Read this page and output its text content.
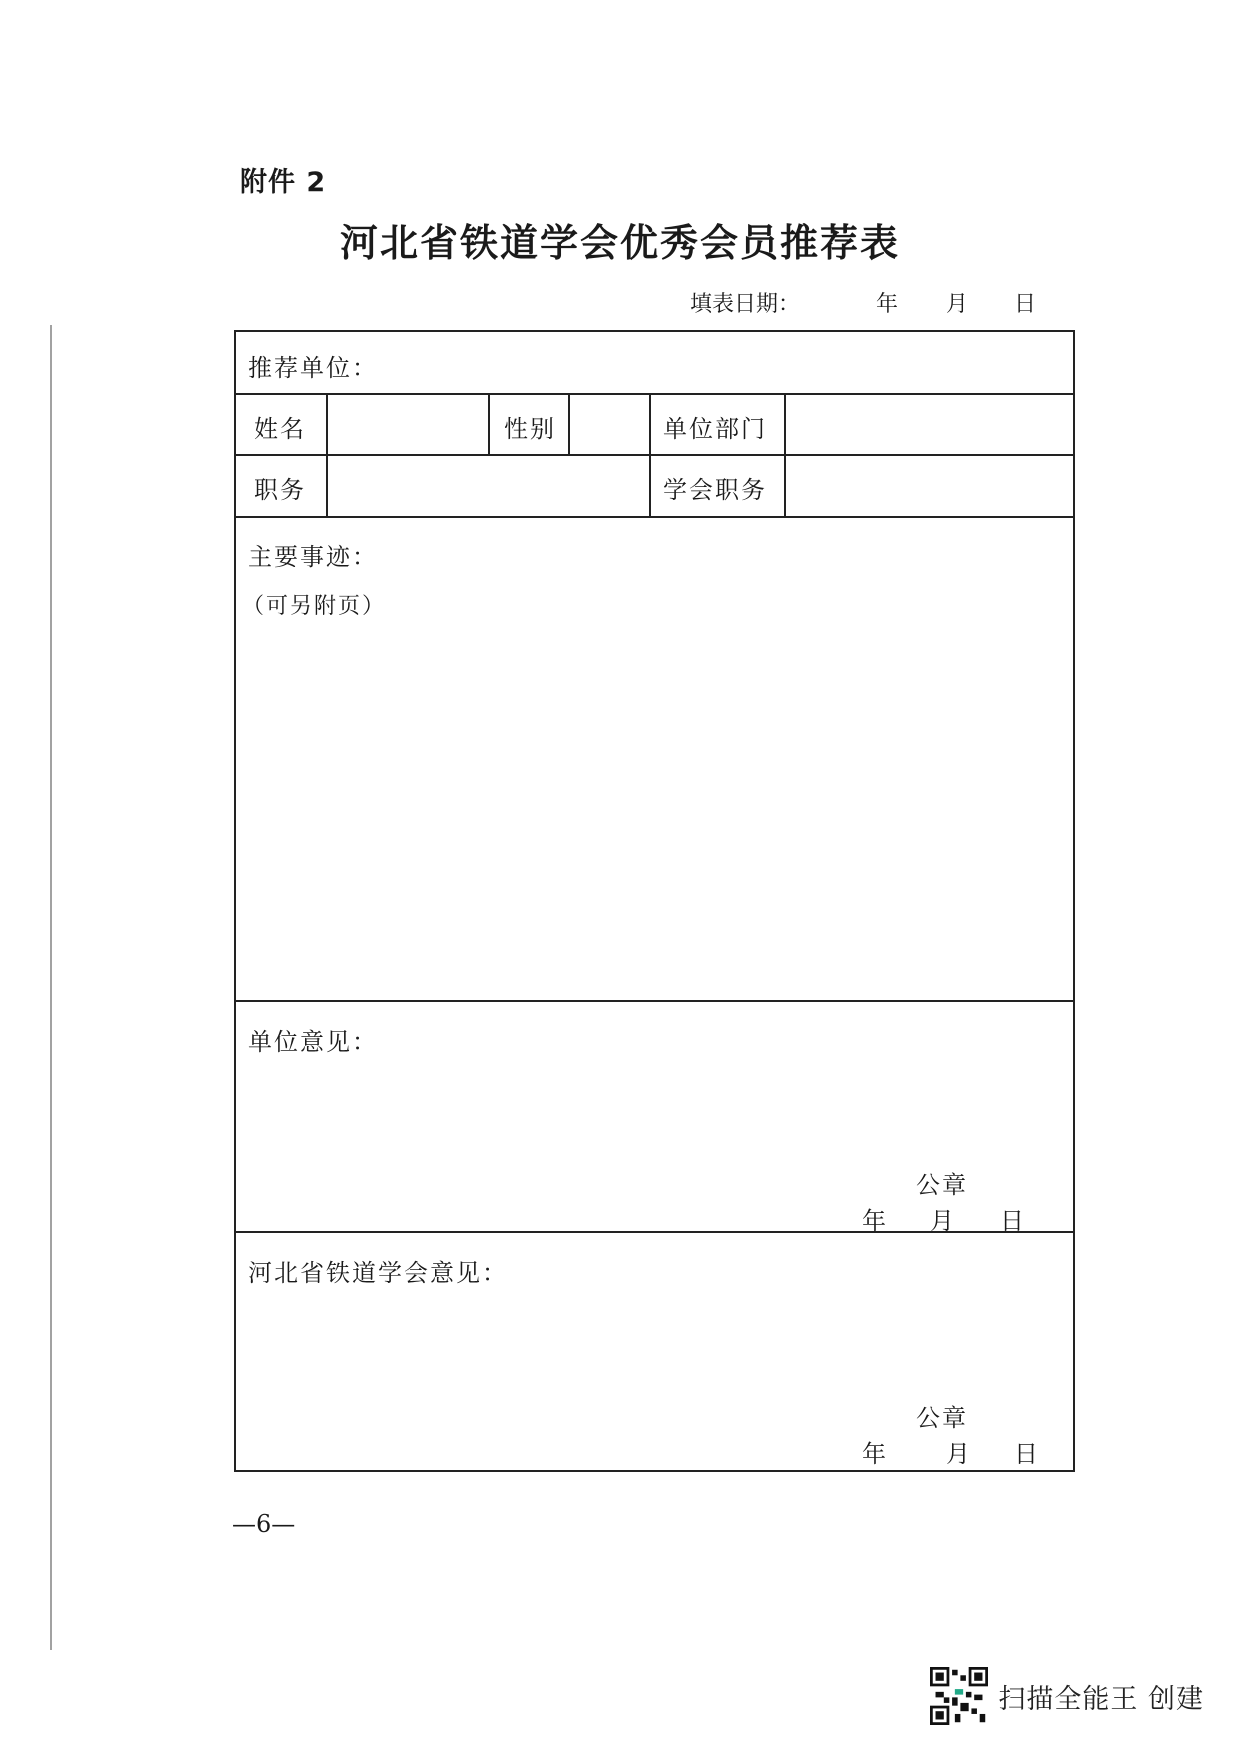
附件 2
河北省铁道学会优秀会员推荐表
填表日期：	年 月 日
推荐单位：
姓名	性别	单位部门
职务	学会职务
主要事迹：
（可另附页）
单位意见：
公章
年 月 日
河北省铁道学会意见：
公章
年 月 日
—6—
扫描全能王 创建
